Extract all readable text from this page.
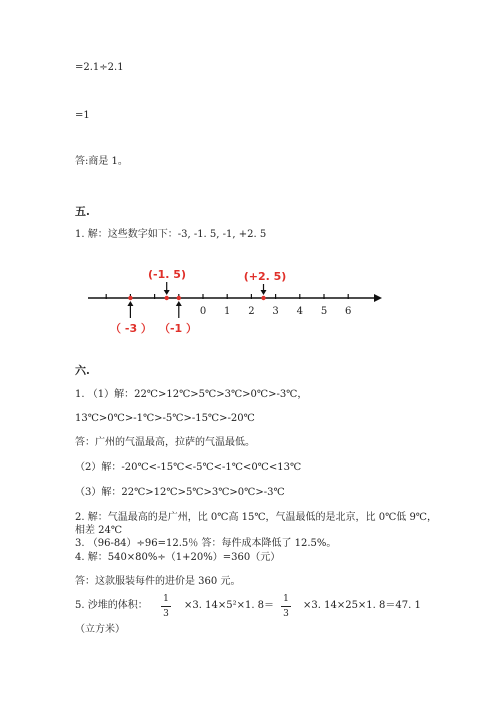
=2.1÷2.1
=1
答:商是 1。
五.
1. 解：这些数字如下：-3, -1. 5, -1, +2. 5
0 1 2 3 4 5 6
(-1. 5)	(+2. 5)
（ -3 ） （-1 ）
六.
1. （1）解：22℃>12℃>5℃>3℃>0℃>-3℃，
13℃>0℃>-1℃>-5℃>-15℃>-20℃
答：广州的气温最高，拉萨的气温最低。
（2）解：-20℃<-15℃<-5℃<-1℃<0℃<13℃
（3）解：22℃>12℃>5℃>3℃>0℃>-3℃
2. 解：气温最高的是广州，比 0℃高 15℃，气温最低的是北京，比 0℃低 9℃，
相差 24℃
3. （96-84）÷96=12.5％ 答：每件成本降低了 12.5%。
4. 解：540×80%÷（1+20%）=360（元）
答：这款服装每件的进价是 360 元。
5. 沙堆的体积：
1
3
×3. 14×5²×1. 8＝
1
3
×3. 14×25×1. 8＝47. 1
（立方米）
